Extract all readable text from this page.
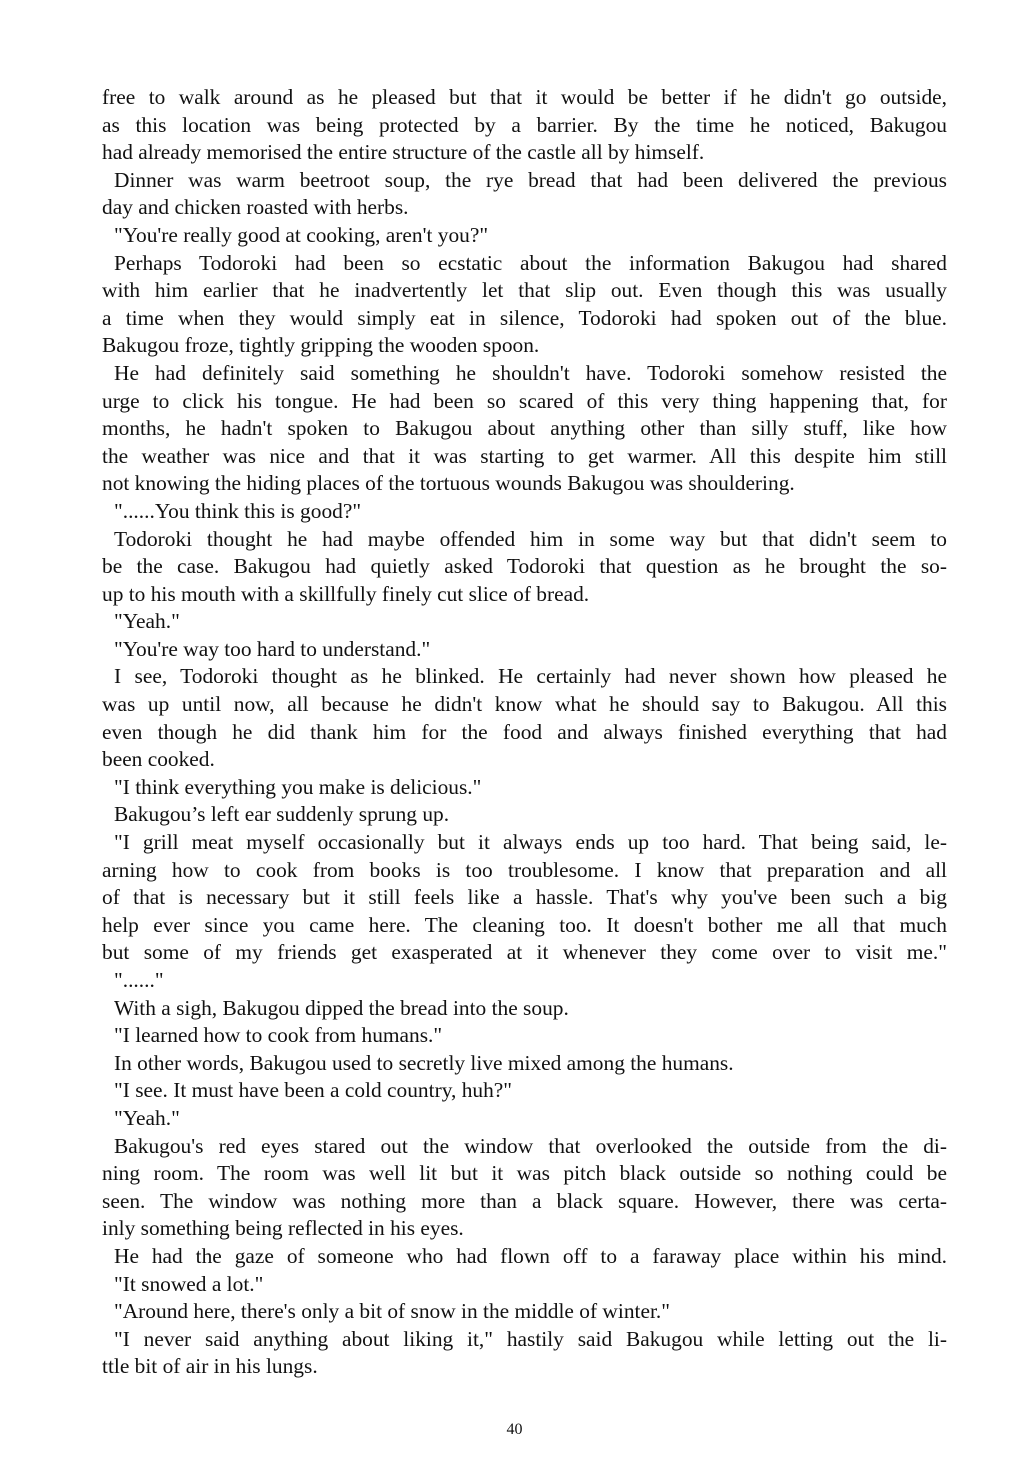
free to walk around as he pleased but that it would be better if he didn't go outside,
as this location was being protected by a barrier. By the time he noticed, Bakugou
had already memorised the entire structure of the castle all by himself.
Dinner was warm beetroot soup, the rye bread that had been delivered the previous
day and chicken roasted with herbs.
"You're really good at cooking, aren't you?"
Perhaps Todoroki had been so ecstatic about the information Bakugou had shared
with him earlier that he inadvertently let that slip out. Even though this was usually
a time when they would simply eat in silence, Todoroki had spoken out of the blue.
Bakugou froze, tightly gripping the wooden spoon.
He had definitely said something he shouldn't have. Todoroki somehow resisted the
urge to click his tongue. He had been so scared of this very thing happening that, for
months, he hadn't spoken to Bakugou about anything other than silly stuff, like how
the weather was nice and that it was starting to get warmer. All this despite him still
not knowing the hiding places of the tortuous wounds Bakugou was shouldering.
"......You think this is good?"
Todoroki thought he had maybe offended him in some way but that didn't seem to
be the case. Bakugou had quietly asked Todoroki that question as he brought the so-
up to his mouth with a skillfully finely cut slice of bread.
"Yeah."
"You're way too hard to understand."
I see, Todoroki thought as he blinked. He certainly had never shown how pleased he
was up until now, all because he didn't know what he should say to Bakugou. All this
even though he did thank him for the food and always finished everything that had
been cooked.
"I think everything you make is delicious."
Bakugou’s left ear suddenly sprung up.
"I grill meat myself occasionally but it always ends up too hard. That being said, le-
arning how to cook from books is too troublesome. I know that preparation and all
of that is necessary but it still feels like a hassle. That's why you've been such a big
help ever since you came here. The cleaning too. It doesn't bother me all that much
but some of my friends get exasperated at it whenever they come over to visit me."
"......"
With a sigh, Bakugou dipped the bread into the soup.
"I learned how to cook from humans."
In other words, Bakugou used to secretly live mixed among the humans.
"I see. It must have been a cold country, huh?"
"Yeah."
Bakugou's red eyes stared out the window that overlooked the outside from the di-
ning room. The room was well lit but it was pitch black outside so nothing could be
seen. The window was nothing more than a black square. However, there was certa-
inly something being reflected in his eyes.
He had the gaze of someone who had flown off to a faraway place within his mind.
"It snowed a lot."
"Around here, there's only a bit of snow in the middle of winter."
"I never said anything about liking it," hastily said Bakugou while letting out the li-
ttle bit of air in his lungs.
40
